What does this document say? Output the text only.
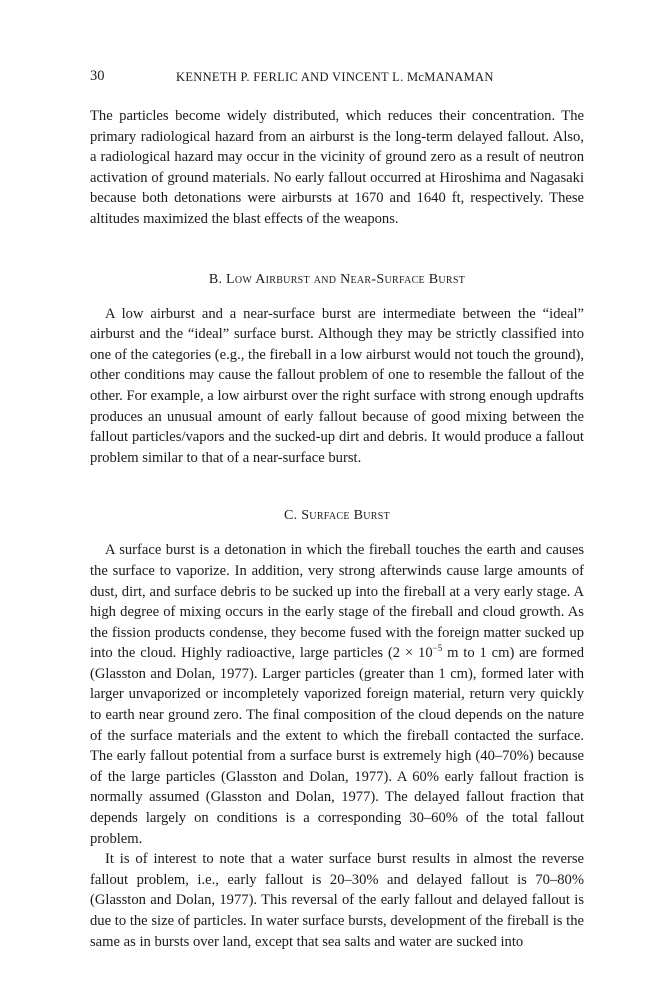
30	KENNETH P. FERLIC AND VINCENT L. McMANAMAN

The particles become widely distributed, which reduces their concentration. The primary radiological hazard from an airburst is the long-term delayed fallout. Also, a radiological hazard may occur in the vicinity of ground zero as a result of neutron activation of ground materials. No early fallout occurred at Hiroshima and Nagasaki because both detonations were airbursts at 1670 and 1640 ft, respectively. These altitudes maximized the blast effects of the weapons.

B. Low Airburst and Near-Surface Burst

A low airburst and a near-surface burst are intermediate between the “ideal” airburst and the “ideal” surface burst. Although they may be strictly classified into one of the categories (e.g., the fireball in a low airburst would not touch the ground), other conditions may cause the fallout problem of one to resemble the fallout of the other. For example, a low airburst over the right surface with strong enough updrafts produces an unusual amount of early fallout because of good mixing between the fallout particles/vapors and the sucked-up dirt and debris. It would produce a fallout problem similar to that of a near-surface burst.

C. Surface Burst

A surface burst is a detonation in which the fireball touches the earth and causes the surface to vaporize. In addition, very strong afterwinds cause large amounts of dust, dirt, and surface debris to be sucked up into the fireball at a very early stage. A high degree of mixing occurs in the early stage of the fireball and cloud growth. As the fission products condense, they become fused with the foreign matter sucked up into the cloud. Highly radioactive, large particles ($2 \times 10^{-5}$ m to 1 cm) are formed (Glasston and Dolan, 1977). Larger particles (greater than 1 cm), formed later with larger unvaporized or incompletely vaporized foreign material, return very quickly to earth near ground zero. The final composition of the cloud depends on the nature of the surface materials and the extent to which the fireball contacted the surface. The early fallout potential from a surface burst is extremely high (40–70%) because of the large particles (Glasston and Dolan, 1977). A 60% early fallout fraction is normally assumed (Glasston and Dolan, 1977). The delayed fallout fraction that depends largely on conditions is a corresponding 30–60% of the total fallout problem.

It is of interest to note that a water surface burst results in almost the reverse fallout problem, i.e., early fallout is 20–30% and delayed fallout is 70–80% (Glasston and Dolan, 1977). This reversal of the early fallout and delayed fallout is due to the size of particles. In water surface bursts, development of the fireball is the same as in bursts over land, except that sea salts and water are sucked into
